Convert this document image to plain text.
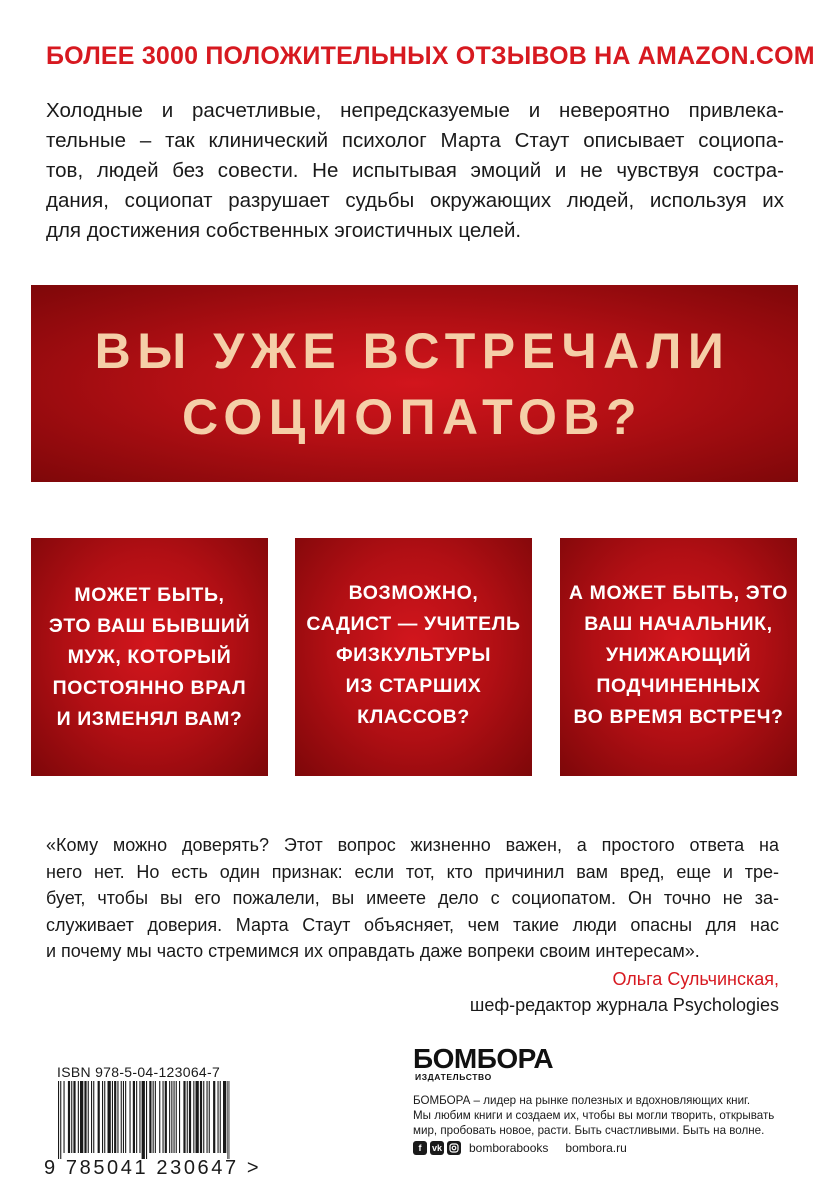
БОЛЕЕ 3000 ПОЛОЖИТЕЛЬНЫХ ОТЗЫВОВ НА AMAZON.COM
Холодные и расчетливые, непредсказуемые и невероятно привлека-
тельные – так клинический психолог Марта Стаут описывает социопа-
тов, людей без совести. Не испытывая эмоций и не чувствуя состра-
дания, социопат разрушает судьбы окружающих людей, используя их
для достижения собственных эгоистичных целей.
ВЫ УЖЕ ВСТРЕЧАЛИ
СОЦИОПАТОВ?
МОЖЕТ БЫТЬ,
ЭТО ВАШ БЫВШИЙ
МУЖ, КОТОРЫЙ
ПОСТОЯННО ВРАЛ
И ИЗМЕНЯЛ ВАМ?
ВОЗМОЖНО,
САДИСТ — УЧИТЕЛЬ
ФИЗКУЛЬТУРЫ
ИЗ СТАРШИХ
КЛАССОВ?
А МОЖЕТ БЫТЬ, ЭТО
ВАШ НАЧАЛЬНИК,
УНИЖАЮЩИЙ
ПОДЧИНЕННЫХ
ВО ВРЕМЯ ВСТРЕЧ?
«Кому можно доверять? Этот вопрос жизненно важен, а простого ответа на
него нет. Но есть один признак: если тот, кто причинил вам вред, еще и тре-
бует, чтобы вы его пожалели, вы имеете дело с социопатом. Он точно не за-
служивает доверия. Марта Стаут объясняет, чем такие люди опасны для нас
и почему мы часто стремимся их оправдать даже вопреки своим интересам».
Ольга Сульчинская,
шеф-редактор журнала Psychologies
ISBN 978-5-04-123064-7
9 785041 230647 >
БОМБОРА
ИЗДАТЕЛЬСТВО
БОМБОРА – лидер на рынке полезных и вдохновляющих книг.
Мы любим книги и создаем их, чтобы вы могли творить, открывать
мир, пробовать новое, расти. Быть счастливыми. Быть на волне.
f	vk bomborabooks bombora.ru
